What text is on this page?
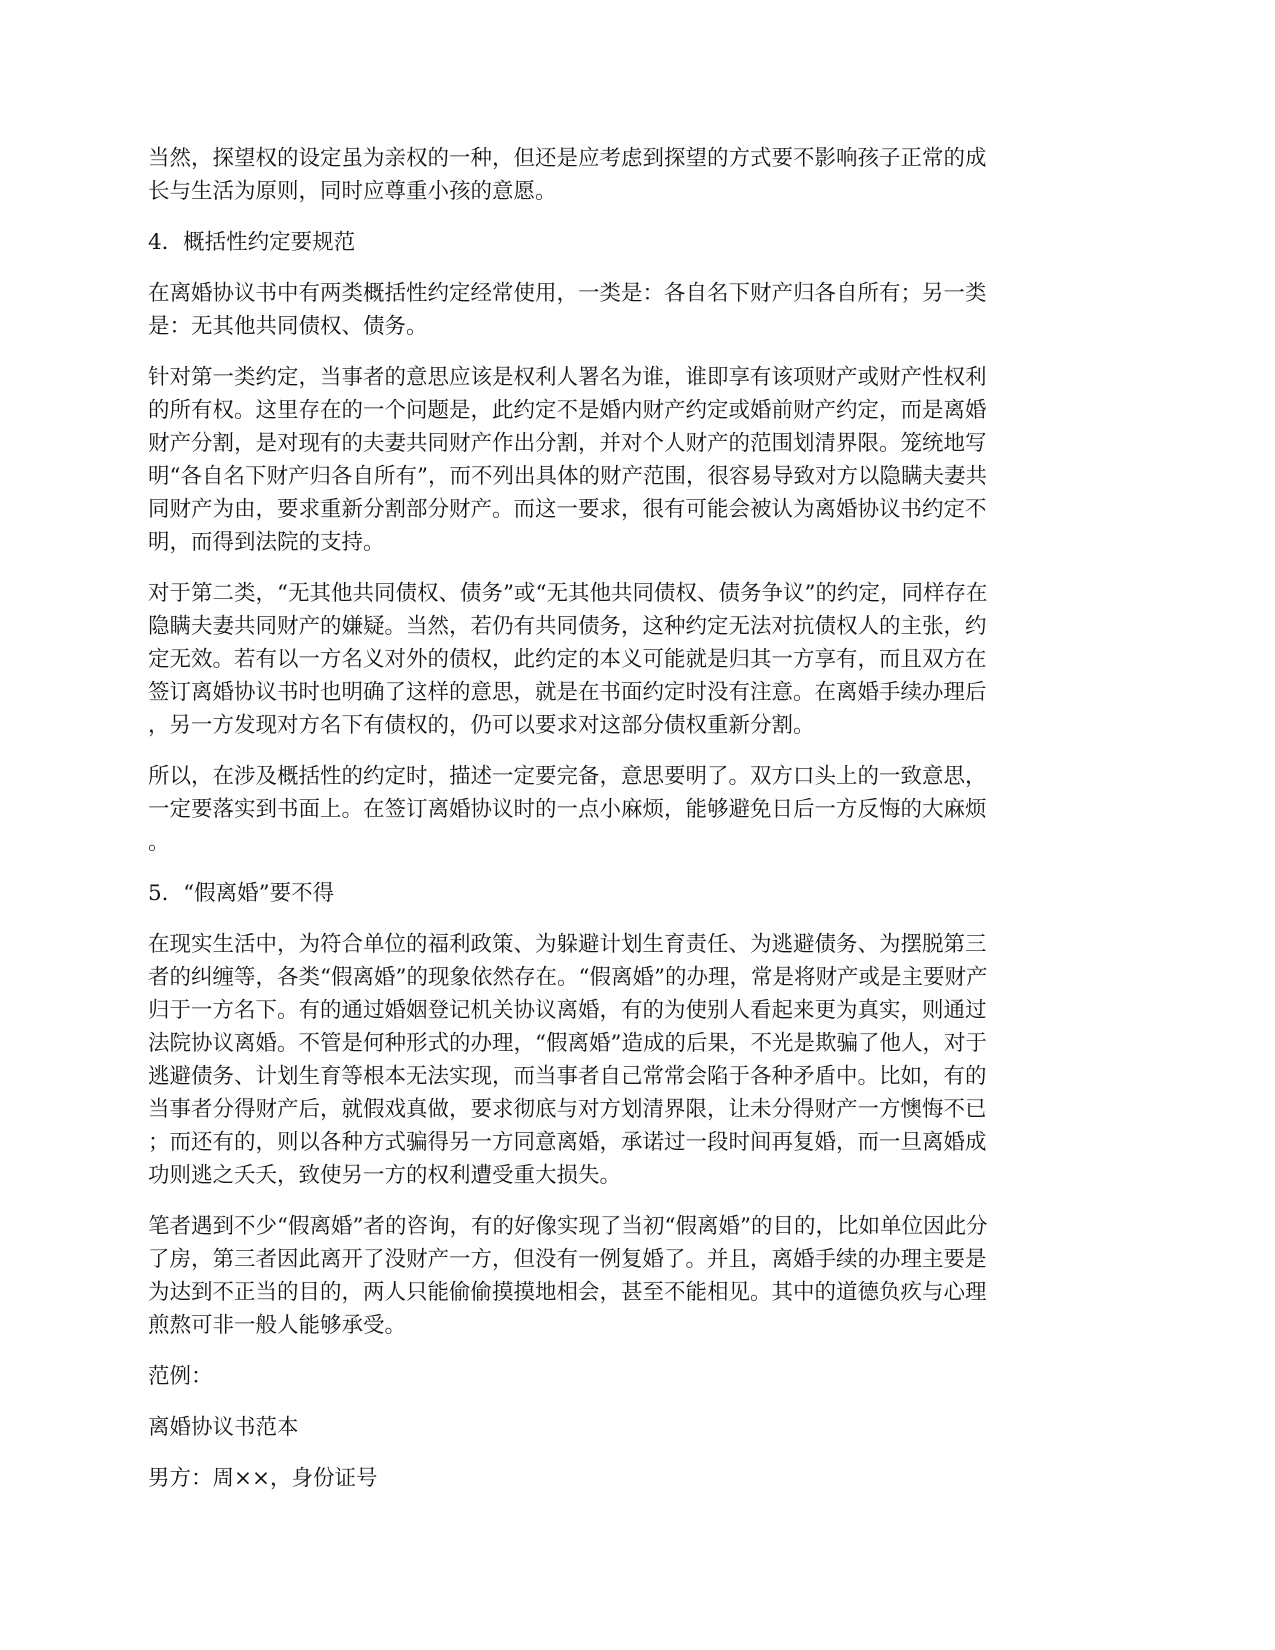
当然，探望权的设定虽为亲权的一种，但还是应考虑到探望的方式要不影响孩子正常的成
长与生活为原则，同时应尊重小孩的意愿。

4．概括性约定要规范

在离婚协议书中有两类概括性约定经常使用，一类是：各自名下财产归各自所有；另一类
是：无其他共同债权、债务。

针对第一类约定，当事者的意思应该是权利人署名为谁，谁即享有该项财产或财产性权利
的所有权。这里存在的一个问题是，此约定不是婚内财产约定或婚前财产约定，而是离婚
财产分割，是对现有的夫妻共同财产作出分割，并对个人财产的范围划清界限。笼统地写
明“各自名下财产归各自所有”，而不列出具体的财产范围，很容易导致对方以隐瞒夫妻共
同财产为由，要求重新分割部分财产。而这一要求，很有可能会被认为离婚协议书约定不
明，而得到法院的支持。

对于第二类，“无其他共同债权、债务”或“无其他共同债权、债务争议”的约定，同样存在
隐瞒夫妻共同财产的嫌疑。当然，若仍有共同债务，这种约定无法对抗债权人的主张，约
定无效。若有以一方名义对外的债权，此约定的本义可能就是归其一方享有，而且双方在
签订离婚协议书时也明确了这样的意思，就是在书面约定时没有注意。在离婚手续办理后
，另一方发现对方名下有债权的，仍可以要求对这部分债权重新分割。

所以，在涉及概括性的约定时，描述一定要完备，意思要明了。双方口头上的一致意思，
一定要落实到书面上。在签订离婚协议时的一点小麻烦，能够避免日后一方反悔的大麻烦
。

5．“假离婚”要不得

在现实生活中，为符合单位的福利政策、为躲避计划生育责任、为逃避债务、为摆脱第三
者的纠缠等，各类“假离婚”的现象依然存在。“假离婚”的办理，常是将财产或是主要财产
归于一方名下。有的通过婚姻登记机关协议离婚，有的为使别人看起来更为真实，则通过
法院协议离婚。不管是何种形式的办理，“假离婚”造成的后果，不光是欺骗了他人，对于
逃避债务、计划生育等根本无法实现，而当事者自己常常会陷于各种矛盾中。比如，有的
当事者分得财产后，就假戏真做，要求彻底与对方划清界限，让未分得财产一方懊悔不已
；而还有的，则以各种方式骗得另一方同意离婚，承诺过一段时间再复婚，而一旦离婚成
功则逃之夭夭，致使另一方的权利遭受重大损失。

笔者遇到不少“假离婚”者的咨询，有的好像实现了当初“假离婚”的目的，比如单位因此分
了房，第三者因此离开了没财产一方，但没有一例复婚了。并且，离婚手续的办理主要是
为达到不正当的目的，两人只能偷偷摸摸地相会，甚至不能相见。其中的道德负疚与心理
煎熬可非一般人能够承受。

范例：

离婚协议书范本

男方：周××，身份证号
